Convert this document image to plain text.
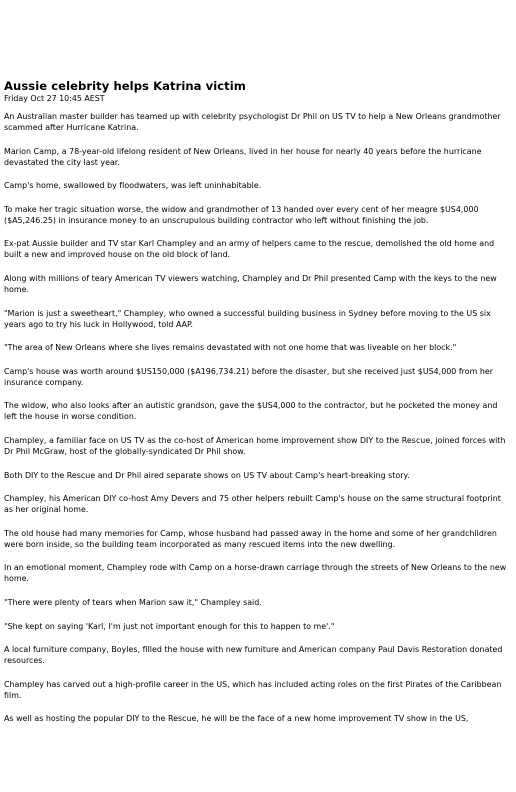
Aussie celebrity helps Katrina victim
Friday Oct 27 10:45 AEST

An Australian master builder has teamed up with celebrity psychologist Dr Phil on US TV to help a New Orleans grandmother scammed after Hurricane Katrina.

Marion Camp, a 78-year-old lifelong resident of New Orleans, lived in her house for nearly 40 years before the hurricane devastated the city last year.

Camp's home, swallowed by floodwaters, was left uninhabitable.

To make her tragic situation worse, the widow and grandmother of 13 handed over every cent of her meagre $US4,000 ($A5,246.25) in insurance money to an unscrupulous building contractor who left without finishing the job.

Ex-pat Aussie builder and TV star Karl Champley and an army of helpers came to the rescue, demolished the old home and built a new and improved house on the old block of land.

Along with millions of teary American TV viewers watching, Champley and Dr Phil presented Camp with the keys to the new home.

"Marion is just a sweetheart," Champley, who owned a successful building business in Sydney before moving to the US six years ago to try his luck in Hollywood, told AAP.

"The area of New Orleans where she lives remains devastated with not one home that was liveable on her block."

Camp's house was worth around $US150,000 ($A196,734.21) before the disaster, but she received just $US4,000 from her insurance company.

The widow, who also looks after an autistic grandson, gave the $US4,000 to the contractor, but he pocketed the money and left the house in worse condition.

Champley, a familiar face on US TV as the co-host of American home improvement show DIY to the Rescue, joined forces with Dr Phil McGraw, host of the globally-syndicated Dr Phil show.

Both DIY to the Rescue and Dr Phil aired separate shows on US TV about Camp's heart-breaking story.

Champley, his American DIY co-host Amy Devers and 75 other helpers rebuilt Camp's house on the same structural footprint as her original home.

The old house had many memories for Camp, whose husband had passed away in the home and some of her grandchildren were born inside, so the building team incorporated as many rescued items into the new dwelling.

In an emotional moment, Champley rode with Camp on a horse-drawn carriage through the streets of New Orleans to the new home.

"There were plenty of tears when Marion saw it," Champley said.

"She kept on saying 'Karl, I'm just not important enough for this to happen to me'."

A local furniture company, Boyles, filled the house with new furniture and American company Paul Davis Restoration donated resources.

Champley has carved out a high-profile career in the US, which has included acting roles on the first Pirates of the Caribbean film.

As well as hosting the popular DIY to the Rescue, he will be the face of a new home improvement TV show in the US,
